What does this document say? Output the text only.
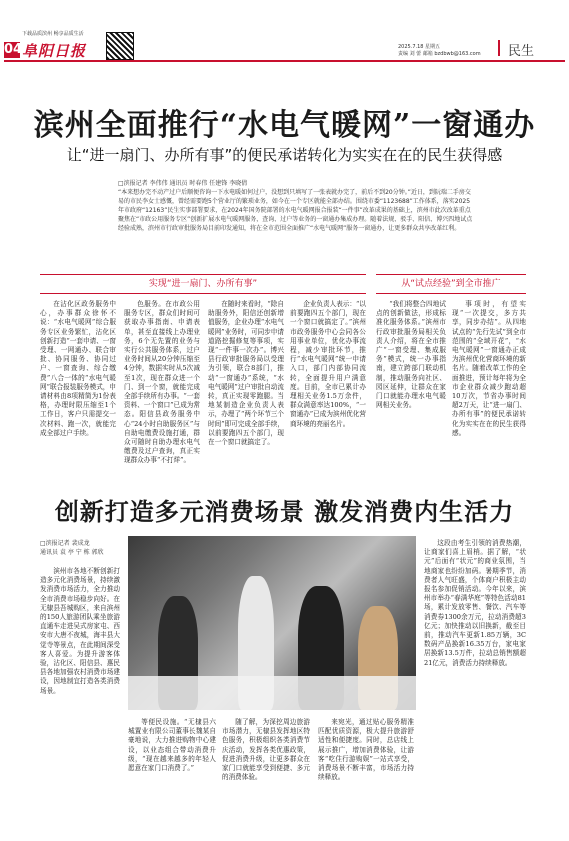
下载品质滨州 畅享品质生活
04 阜阳日报	2025.7.18 星期五
责编 刘 蕾 邮箱 bzdbwb@163.com 民生
滨州全面推行“水电气暖网”一窗通办
让“进一扇门、办所有事”的便民承诺转化为实实在在的民生获得感
□滨报记者 李伟伟 通讯员 时春伟 任建锋 李晓倩
“本来想办完不动产过户后顺便咨询一下水电暖如何过户，没想到只填写了一张表就办完了，前后不到20分钟。”近日，到阮瑞二手房交易的市民李女士感慨，曾经需要跑5个营业厅的繁琐业务，如今在一个专区就能全部办结。围绕市委“1123688”工作体系，落实2025年市政府“12163”民生实事部署要求，在2024年国务院部署的水电气暖网报合报装“一件事”改革成果的基础上，滨州市此次改革重点聚焦在“市政公用服务专区”创新扩展水电气暖网服务，查询、过户等业务的一窗通办集成办理。随着法规、驳手、阳信、博兴四地试点经验成熟，滨州市行政审批服务局目前印发通知，将在全市范围全面推广“水电气暖网”服务一窗通办，让更多群众共享改革红利。
实现“进一扇门、办所有事”	从“试点经验”到全市推广
在沾化区政务服务中心，办事群众徐怀不说：“水电气暖网”综合服务专区业务繁忙，沾化区创新打造“一套申请、一窗受理、一网通办、联合审批、协同服务、协同过户、一窗查询、综合缴费”八合一体的“水电气暖网”联合报装服务模式，申请材料由8项精简为1份表格，办理时限压缩至1个工作日，客户只需提交一次材料、跑一次，就能完成全部过户手续。
色服务。在市政公用服务专区，群众们时间可获取办事指南、申请表单，甚至直接线上办理业务，6个无先置的业务与实行公共服务体系，过户业务时间从20分钟压缩至4分钟，数据实时从5次减至1次，现在群众进一个门、到一个窗，就能完成全部手续所有办事。“一套资料、一个窗口”已成为常态。阳信县政务服务中心“24小时自助服务区”与自助电缴费设施打通，群众可随时自助办理水电气缴费及过户查询，真正实现群众办事“不打烊”。
在随时来看时，“除自助服务外，阳信还创新增值服务，企业办理“水电气暖网”业务时，可同步申请道路挖掘修复等事项，实现“一件事一次办”。博兴县行政审批服务局以受理为引领，联合8部门，推动“一窗通办”系统，“水电气暖网”过户审批自动流转，真正实现零跑腿。当地某制造企业负责人表示，办理了“两个环节三个时间”即可完成全部手续，以前要跑四五个部门，现在一个窗口就搞定了。
企业负责人表示：“以前要跑四五个部门，现在一个窗口就搞定了。”滨州市政务服务中心会同各公用事业单位，优化办事流程，减少审批环节，推行“水电气暖网”统一申请入口，部门内部协同流转，全面提升用户满意度。目前，全市已累计办理相关业务1.5万余件，群众满意率达100%，“一窗通办”已成为滨州优化营商环境的亮丽名片。
“我们将整合四地试点的创新做法，形成标准化服务体系。”滨州市行政审批服务局相关负责人介绍，将在全市推广“一窗受理、集成服务”模式，统一办事指南，建立跨部门联动机制，推动服务向社区、园区延伸，让群众在家门口就能办理水电气暖网相关业务。
事项时，有望实现“一次提交，多方共享，同步办结”。从四地试点的“先行先试”到全市范围的“全域开花”，“水电气暖网”一窗通办正成为滨州优化营商环境的新名片。随着改革工作的全面推进，预计每年将为全市企业群众减少跑动超10万次，节省办事时间超2万天，让“进一扇门、办所有事”的便民承诺转化为实实在在的民生获得感。
创新打造多元消费场景 激发消费内生活力
□滨报记者 裴成龙
通讯员 袁 亭 宁 栋 郭欣
滨州市各地不断创新打造多元化消费场景，持续激发消费市场活力，全力推动全市消费市场稳步向好。在无棣县吾城购区，来自滨州的150人旅游团队乘坐旅游直通车走进吴式房家屯、西安市大唐不夜城，海丰县大觉寺等景点，在此期间深受客人喜爱。为提升游客体验，沾化区、阳信县、惠民县各地加强农村消费市场建设，因地制宜打造各类消费场景。
等便民设施。“无棣县六城置业有限公司董事长魏某自豪地说，大力推进购物中心建设，以业态组合带动消费升级，“现在越来越多的年轻人愿意在家门口消费了。”
随了解，为深挖周边旅游市场潜力，无棣县发挥地区特色服务，积极组织各类消费节庆活动，发挥各类优惠政策，促进消费升级，让更多群众在家门口就能享受到便捷、多元的消费体验。
来宛光，通过贴心服务精准匹配优质资源，极大提升旅游舒适性和便捷度。同时，总店线上展示推广，增加消费体验，让游客“吃住行游购娱”一站式享受，消费场景不断丰富，市场活力持续释放。
这段由考生引领的消费热潮，让商家们喜上眉梢。据了解，“状元”后面有“状元”的商业氛围，当地商家也纷纷加码。暑期季节，消费者人气旺盛，个体商户积极主动报名参加促销活动。今年以来，滨州市举办“春满华庭”等特色活动81场，累计发放零售、餐饮、汽车等消费券1300余万元，拉动消费超3亿元；加快推动以旧换新，截至目前，推动汽车更新1.85万辆，3C数码产品换新16.35万台，家电家居换新13.5万件，拉动总销售额超21亿元，消费活力持续释放。
